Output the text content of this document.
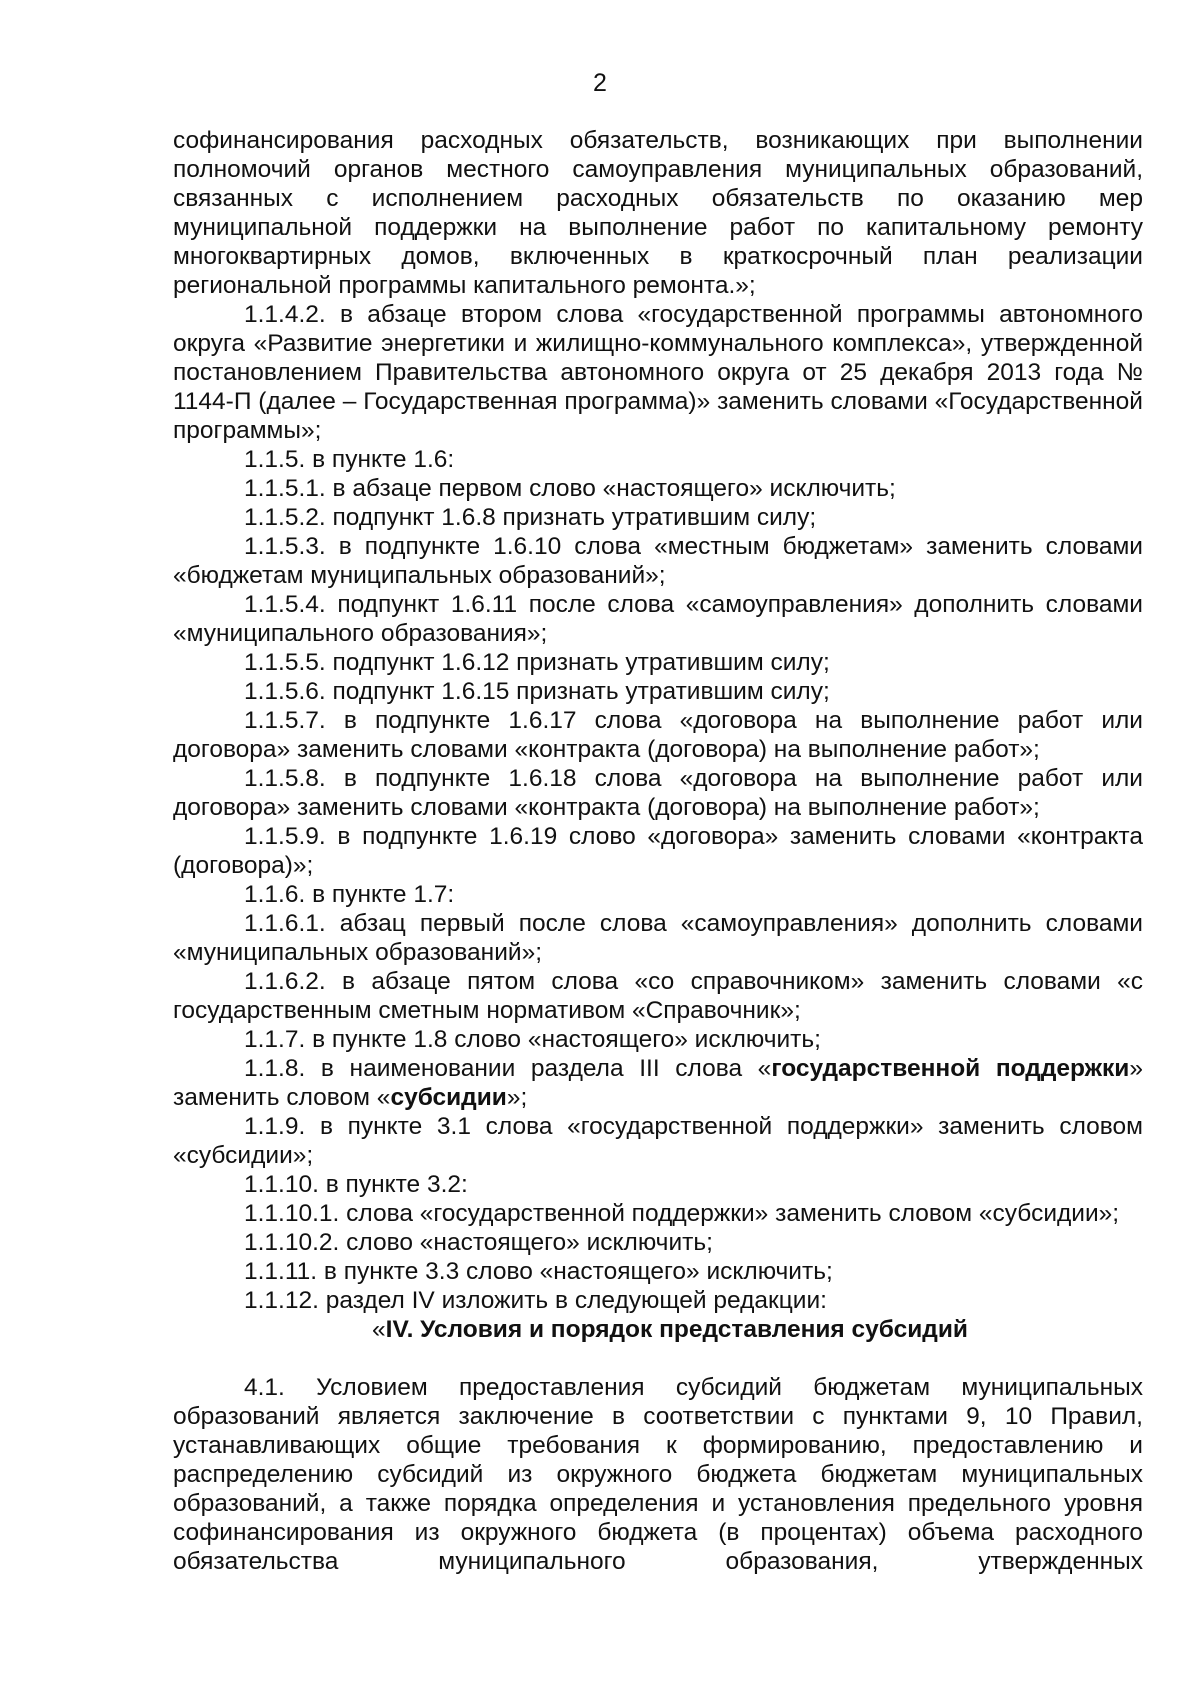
2

софинансирования расходных обязательств, возникающих при выполнении полномочий органов местного самоуправления муниципальных образований, связанных с исполнением расходных обязательств по оказанию мер муниципальной поддержки на выполнение работ по капитальному ремонту многоквартирных домов, включенных в краткосрочный план реализации региональной программы капитального ремонта.»;

1.1.4.2. в абзаце втором слова «государственной программы автономного округа «Развитие энергетики и жилищно-коммунального комплекса», утвержденной постановлением Правительства автономного округа от 25 декабря 2013 года № 1144-П (далее – Государственная программа)» заменить словами «Государственной программы»;

1.1.5. в пункте 1.6:

1.1.5.1. в абзаце первом слово «настоящего» исключить;

1.1.5.2. подпункт 1.6.8 признать утратившим силу;

1.1.5.3. в подпункте 1.6.10 слова «местным бюджетам» заменить словами «бюджетам муниципальных образований»;

1.1.5.4. подпункт 1.6.11 после слова «самоуправления» дополнить словами «муниципального образования»;

1.1.5.5. подпункт 1.6.12 признать утратившим силу;

1.1.5.6. подпункт 1.6.15 признать утратившим силу;

1.1.5.7. в подпункте 1.6.17 слова «договора на выполнение работ или договора» заменить словами «контракта (договора) на выполнение работ»;

1.1.5.8. в подпункте 1.6.18 слова «договора на выполнение работ или договора» заменить словами «контракта (договора) на выполнение работ»;

1.1.5.9. в подпункте 1.6.19 слово «договора» заменить словами «контракта (договора)»;

1.1.6. в пункте 1.7:

1.1.6.1. абзац первый после слова «самоуправления» дополнить словами «муниципальных образований»;

1.1.6.2. в абзаце пятом слова «со справочником» заменить словами «с государственным сметным нормативом «Справочник»;

1.1.7. в пункте 1.8 слово «настоящего» исключить;

1.1.8. в наименовании раздела III слова «государственной поддержки» заменить словом «субсидии»;

1.1.9. в пункте 3.1 слова «государственной поддержки» заменить словом «субсидии»;

1.1.10. в пункте 3.2:

1.1.10.1. слова «государственной поддержки» заменить словом «субсидии»;

1.1.10.2. слово «настоящего» исключить;

1.1.11. в пункте 3.3 слово «настоящего» исключить;

1.1.12. раздел IV изложить в следующей редакции:

«IV. Условия и порядок представления субсидий

4.1. Условием предоставления субсидий бюджетам муниципальных образований является заключение в соответствии с пунктами 9, 10 Правил, устанавливающих общие требования к формированию, предоставлению и распределению субсидий из окружного бюджета бюджетам муниципальных образований, а также порядка определения и установления предельного уровня софинансирования из окружного бюджета (в процентах) объема расходного обязательства муниципального образования, утвержденных
